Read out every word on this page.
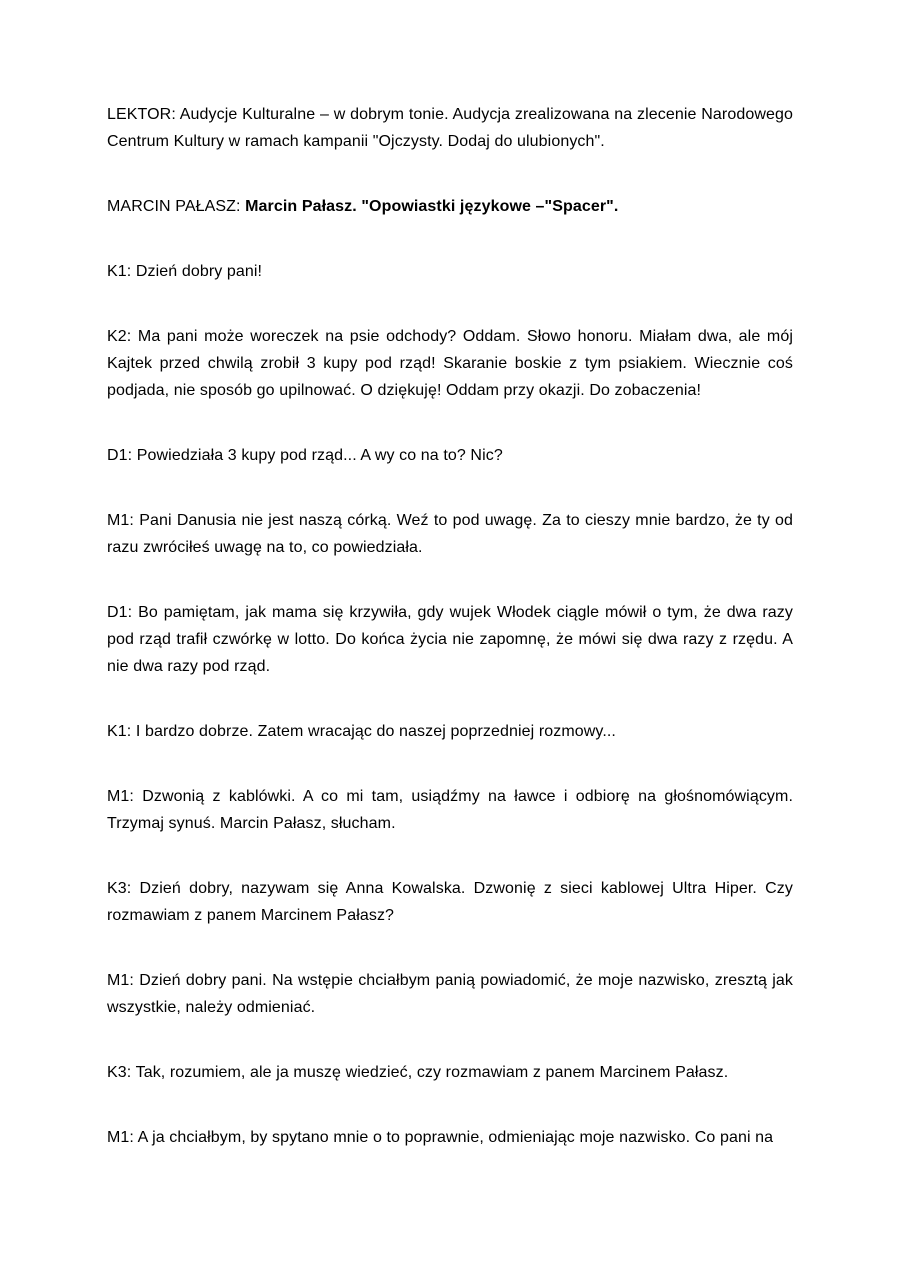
LEKTOR: Audycje Kulturalne – w dobrym tonie. Audycja zrealizowana na zlecenie Narodowego Centrum Kultury w ramach kampanii "Ojczysty. Dodaj do ulubionych".

MARCIN PAŁASZ: Marcin Pałasz. "Opowiastki językowe –"Spacer".

K1: Dzień dobry pani!

K2: Ma pani może woreczek na psie odchody? Oddam. Słowo honoru. Miałam dwa, ale mój Kajtek przed chwilą zrobił 3 kupy pod rząd! Skaranie boskie z tym psiakiem. Wiecznie coś podjada, nie sposób go upilnować. O dziękuję! Oddam przy okazji. Do zobaczenia!

D1: Powiedziała 3 kupy pod rząd... A wy co na to? Nic?

M1: Pani Danusia nie jest naszą córką. Weź to pod uwagę. Za to cieszy mnie bardzo, że ty od razu zwróciłeś uwagę na to, co powiedziała.

D1: Bo pamiętam, jak mama się krzywiła, gdy wujek Włodek ciągle mówił o tym, że dwa razy pod rząd trafił czwórkę w lotto. Do końca życia nie zapomnę, że mówi się dwa razy z rzędu. A nie dwa razy pod rząd.

K1: I bardzo dobrze. Zatem wracając do naszej poprzedniej rozmowy...

M1: Dzwonią z kablówki. A co mi tam, usiądźmy na ławce i odbiorę na głośnomówiącym. Trzymaj synuś. Marcin Pałasz, słucham.

K3: Dzień dobry, nazywam się Anna Kowalska. Dzwonię z sieci kablowej Ultra Hiper. Czy rozmawiam z panem Marcinem Pałasz?

M1: Dzień dobry pani. Na wstępie chciałbym panią powiadomić, że moje nazwisko, zresztą jak wszystkie, należy odmieniać.

K3: Tak, rozumiem, ale ja muszę wiedzieć, czy rozmawiam z panem Marcinem Pałasz.

M1: A ja chciałbym, by spytano mnie o to poprawnie, odmieniając moje nazwisko. Co pani na
